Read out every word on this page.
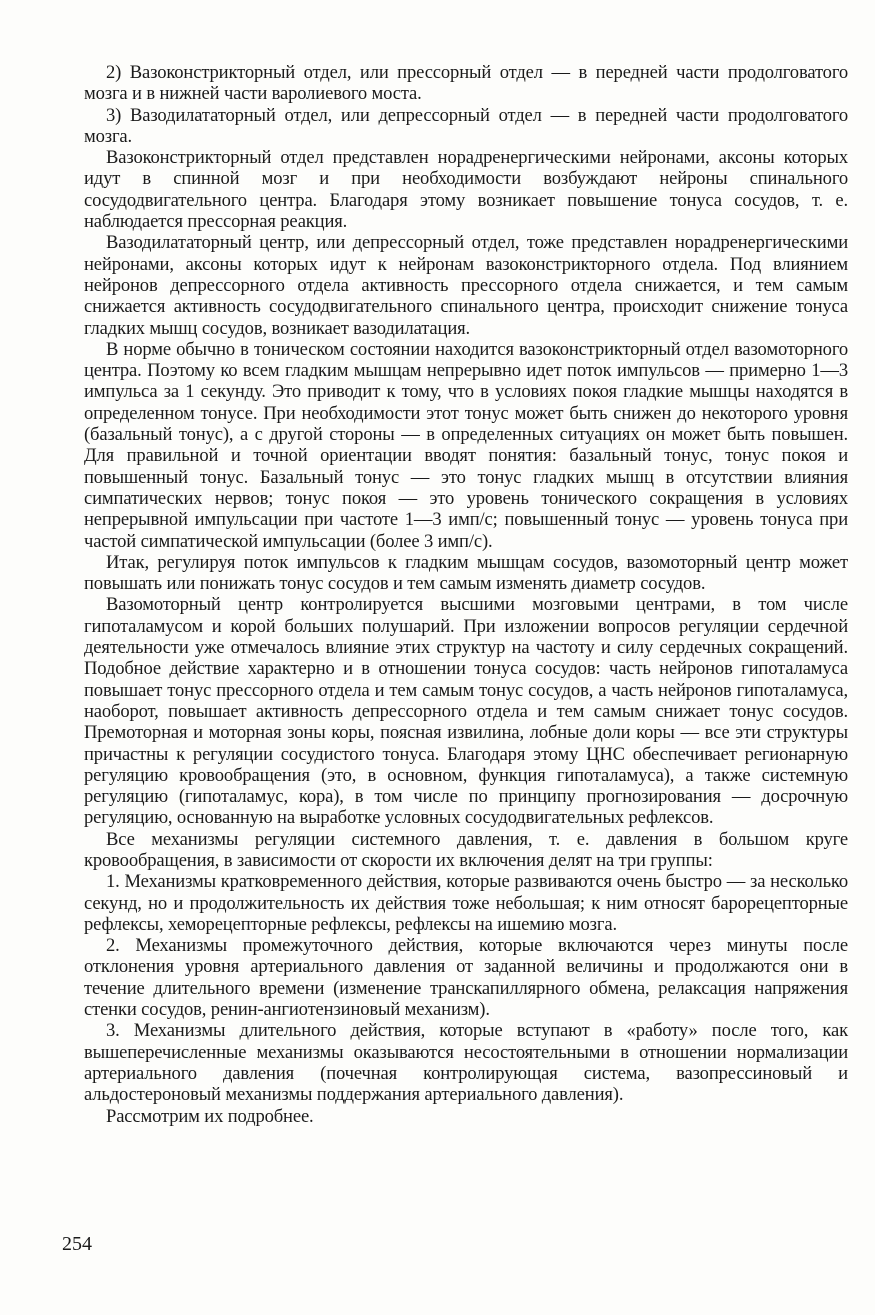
2) Вазоконстрикторный отдел, или прессорный отдел — в передней части продолговатого мозга и в нижней части варолиевого моста.

3) Вазодилататорный отдел, или депрессорный отдел — в передней части продолговатого мозга.

Вазоконстрикторный отдел представлен норадренергическими нейронами, аксоны которых идут в спинной мозг и при необходимости возбуждают нейроны спинального сосудодвигательного центра. Благодаря этому возникает повышение тонуса сосудов, т. е. наблюдается прессорная реакция.

Вазодилататорный центр, или депрессорный отдел, тоже представлен норадренергическими нейронами, аксоны которых идут к нейронам вазоконстрикторного отдела. Под влиянием нейронов депрессорного отдела активность прессорного отдела снижается, и тем самым снижается активность сосудодвигательного спинального центра, происходит снижение тонуса гладких мышц сосудов, возникает вазодилатация.

В норме обычно в тоническом состоянии находится вазоконстрикторный отдел вазомоторного центра. Поэтому ко всем гладким мышцам непрерывно идет поток импульсов — примерно 1—3 импульса за 1 секунду. Это приводит к тому, что в условиях покоя гладкие мышцы находятся в определенном тонусе. При необходимости этот тонус может быть снижен до некоторого уровня (базальный тонус), а с другой стороны — в определенных ситуациях он может быть повышен. Для правильной и точной ориентации вводят понятия: базальный тонус, тонус покоя и повышенный тонус. Базальный тонус — это тонус гладких мышц в отсутствии влияния симпатических нервов; тонус покоя — это уровень тонического сокращения в условиях непрерывной импульсации при частоте 1—3 имп/с; повышенный тонус — уровень тонуса при частой симпатической импульсации (более 3 имп/с).

Итак, регулируя поток импульсов к гладким мышцам сосудов, вазомоторный центр может повышать или понижать тонус сосудов и тем самым изменять диаметр сосудов.

Вазомоторный центр контролируется высшими мозговыми центрами, в том числе гипоталамусом и корой больших полушарий. При изложении вопросов регуляции сердечной деятельности уже отмечалось влияние этих структур на частоту и силу сердечных сокращений. Подобное действие характерно и в отношении тонуса сосудов: часть нейронов гипоталамуса повышает тонус прессорного отдела и тем самым тонус сосудов, а часть нейронов гипоталамуса, наоборот, повышает активность депрессорного отдела и тем самым снижает тонус сосудов. Премоторная и моторная зоны коры, поясная извилина, лобные доли коры — все эти структуры причастны к регуляции сосудистого тонуса. Благодаря этому ЦНС обеспечивает регионарную регуляцию кровообращения (это, в основном, функция гипоталамуса), а также системную регуляцию (гипоталамус, кора), в том числе по принципу прогнозирования — досрочную регуляцию, основанную на выработке условных сосудодвигательных рефлексов.

Все механизмы регуляции системного давления, т. е. давления в большом круге кровообращения, в зависимости от скорости их включения делят на три группы:

1. Механизмы кратковременного действия, которые развиваются очень быстро — за несколько секунд, но и продолжительность их действия тоже небольшая; к ним относят барорецепторные рефлексы, хеморецепторные рефлексы, рефлексы на ишемию мозга.

2. Механизмы промежуточного действия, которые включаются через минуты после отклонения уровня артериального давления от заданной величины и продолжаются они в течение длительного времени (изменение транскапиллярного обмена, релаксация напряжения стенки сосудов, ренин-ангиотензиновый механизм).

3. Механизмы длительного действия, которые вступают в «работу» после того, как вышеперечисленные механизмы оказываются несостоятельными в отношении нормализации артериального давления (почечная контролирующая система, вазопрессиновый и альдостероновый механизмы поддержания артериального давления).

Рассмотрим их подробнее.

254
